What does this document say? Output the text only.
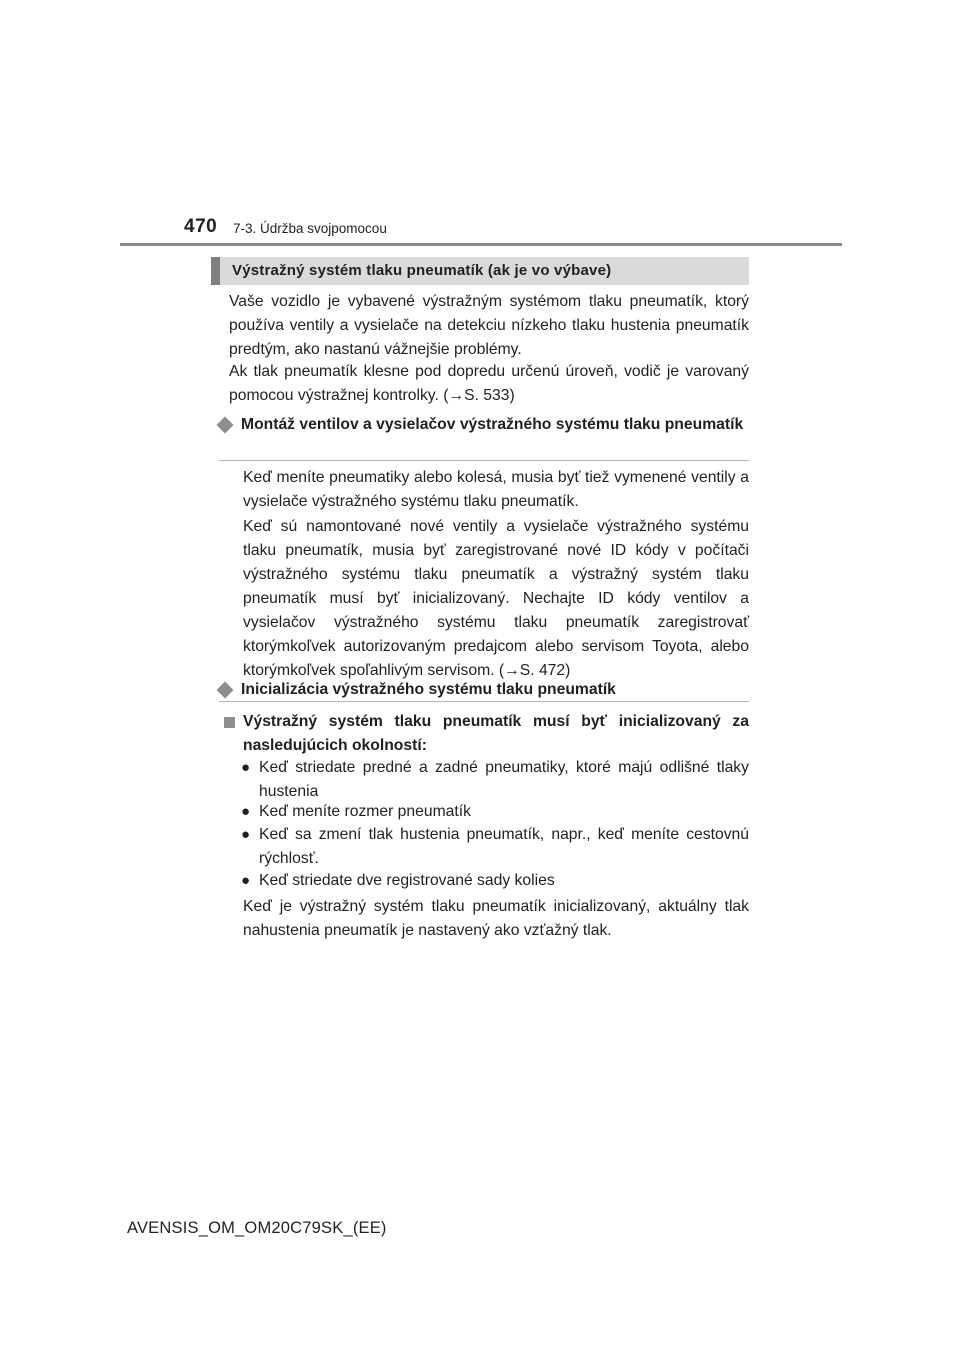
470 7-3. Údržba svojpomocou
Výstražný systém tlaku pneumatík (ak je vo výbave)
Vaše vozidlo je vybavené výstražným systémom tlaku pneumatík, ktorý používa ventily a vysielače na detekciu nízkeho tlaku hustenia pneumatík predtým, ako nastanú vážnejšie problémy.
Ak tlak pneumatík klesne pod dopredu určenú úroveň, vodič je varovaný pomocou výstražnej kontrolky. (→S. 533)
Montáž ventilov a vysielačov výstražného systému tlaku pneumatík
Keď meníte pneumatiky alebo kolesá, musia byť tiež vymenené ventily a vysielače výstražného systému tlaku pneumatík.
Keď sú namontované nové ventily a vysielače výstražného systému tlaku pneumatík, musia byť zaregistrované nové ID kódy v počítači výstražného systému tlaku pneumatík a výstražný systém tlaku pneumatík musí byť inicializovaný. Nechajte ID kódy ventilov a vysielačov výstražného systému tlaku pneumatík zaregistrovať ktorýmkoľvek autorizovaným predajcom alebo servisom Toyota, alebo ktorýmkoľvek spoľahlivým servisom. (→S. 472)
Inicializácia výstražného systému tlaku pneumatík
Výstražný systém tlaku pneumatík musí byť inicializovaný za nasledujúcich okolností:
● Keď striedate predné a zadné pneumatiky, ktoré majú odlišné tlaky hustenia
● Keď meníte rozmer pneumatík
● Keď sa zmení tlak hustenia pneumatík, napr., keď meníte cestovnú rýchlosť.
● Keď striedate dve registrované sady kolies
Keď je výstražný systém tlaku pneumatík inicializovaný, aktuálny tlak nahustenia pneumatík je nastavený ako vzťažný tlak.
AVENSIS_OM_OM20C79SK_(EE)
